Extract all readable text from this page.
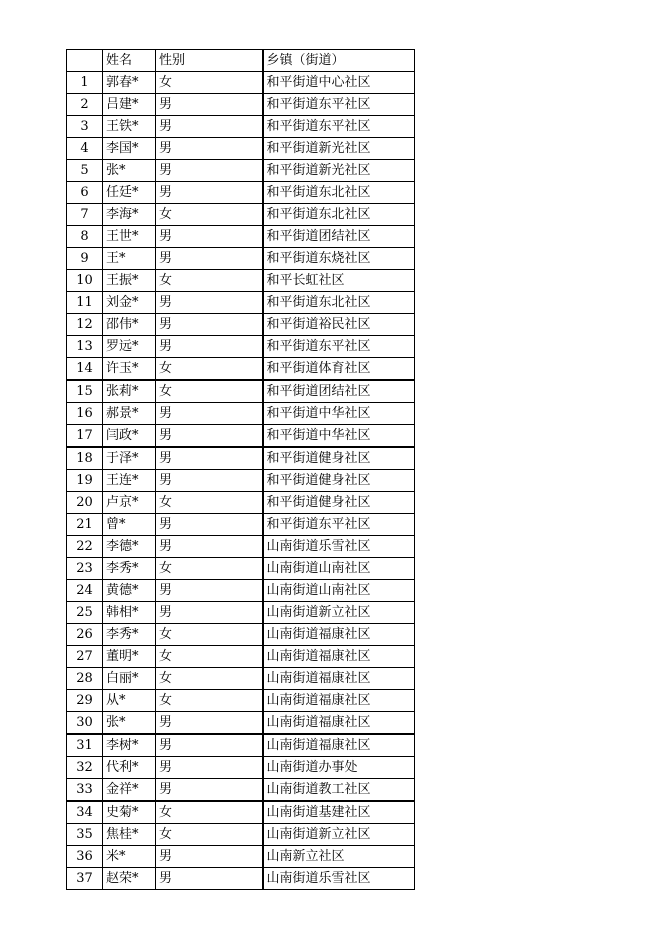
	姓名	性别	乡镇（街道）
1	郭春*	女	和平街道中心社区
2	吕建*	男	和平街道东平社区
3	王铁*	男	和平街道东平社区
4	李国*	男	和平街道新光社区
5	张*	男	和平街道新光社区
6	任廷*	男	和平街道东北社区
7	李海*	女	和平街道东北社区
8	王世*	男	和平街道团结社区
9	王*	男	和平街道东烧社区
10	王振*	女	和平长虹社区
11	刘金*	男	和平街道东北社区
12	邵伟*	男	和平街道裕民社区
13	罗远*	男	和平街道东平社区
14	许玉*	女	和平街道体育社区
15	张莉*	女	和平街道团结社区
16	郝景*	男	和平街道中华社区
17	闫政*	男	和平街道中华社区
18	于泽*	男	和平街道健身社区
19	王连*	男	和平街道健身社区
20	卢京*	女	和平街道健身社区
21	曾*	男	和平街道东平社区
22	李德*	男	山南街道乐雪社区
23	李秀*	女	山南街道山南社区
24	黄德*	男	山南街道山南社区
25	韩相*	男	山南街道新立社区
26	李秀*	女	山南街道福康社区
27	董明*	女	山南街道福康社区
28	白丽*	女	山南街道福康社区
29	从*	女	山南街道福康社区
30	张*	男	山南街道福康社区
31	李树*	男	山南街道福康社区
32	代利*	男	山南街道办事处
33	金祥*	男	山南街道教工社区
34	史菊*	女	山南街道基建社区
35	焦桂*	女	山南街道新立社区
36	米*	男	山南新立社区
37	赵荣*	男	山南街道乐雪社区
